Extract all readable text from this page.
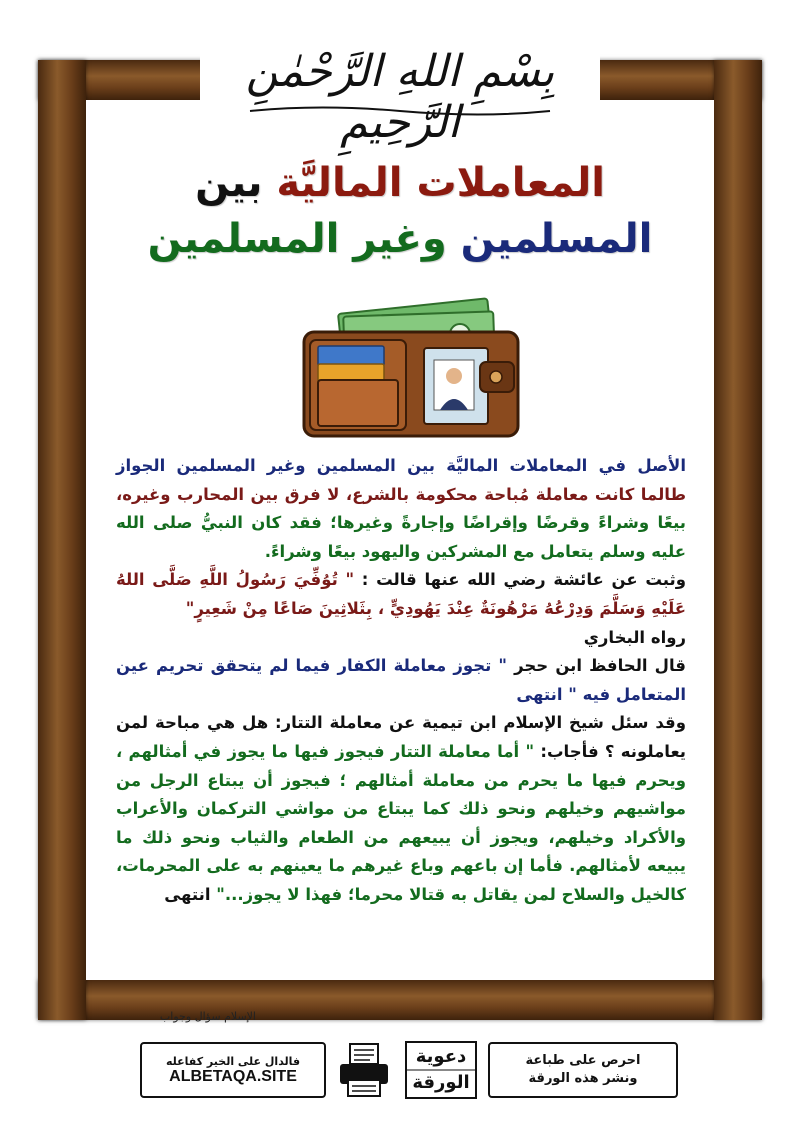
بِسْمِ اللهِ الرَّحْمٰنِ الرَّحِيمِ
المعاملات الماليَّة بين
المسلمين وغير المسلمين

الأصل في المعاملات الماليَّة بين المسلمين وغير المسلمين الجواز طالما كانت معاملة مُباحة محكومة بالشرع، لا فرق بين المحارب وغيره، بيعًا وشراءً وقرضًا وإقراضًا وإجارةً وغيرها؛ فقد كان النبيُّ صلى الله عليه وسلم يتعامل مع المشركين واليهود بيعًا وشراءً.

وثبت عن عائشة رضي الله عنها قالت : " تُوُفِّيَ رَسُولُ اللَّهِ صَلَّى اللهُ عَلَيْهِ وَسَلَّمَ وَدِرْعُهُ مَرْهُونَةٌ عِنْدَ يَهُودِيٍّ ، بِثَلاثِينَ صَاعًا مِنْ شَعِيرٍ"

رواه البخاري

قال الحافظ ابن حجر " تجوز معاملة الكفار فيما لم يتحقق تحريم عين المتعامل فيه " انتهى

وقد سئل شيخ الإسلام ابن تيمية عن معاملة التتار: هل هي مباحة لمن يعاملونه ؟ فأجاب: " أما معاملة التتار فيجوز فيها ما يجوز في أمثالهم ، ويحرم فيها ما يحرم من معاملة أمثالهم ؛ فيجوز أن يبتاع الرجل من مواشيهم وخيلهم ونحو ذلك كما يبتاع من مواشي التركمان والأعراب والأكراد وخيلهم، ويجوز أن يبيعهم من الطعام والثياب ونحو ذلك ما يبيعه لأمثالهم. فأما إن باعهم وباع غيرهم ما يعينهم به على المحرمات، كالخيل والسلاح لمن يقاتل به قتالا محرما؛ فهذا لا يجوز..." انتهى

الإسلام سؤال وجواب
احرص على طباعة
ونشر هذه الورقة
دعوية
الورقة
فالدال على الخير كفاعله
ALBETAQA.SITE
